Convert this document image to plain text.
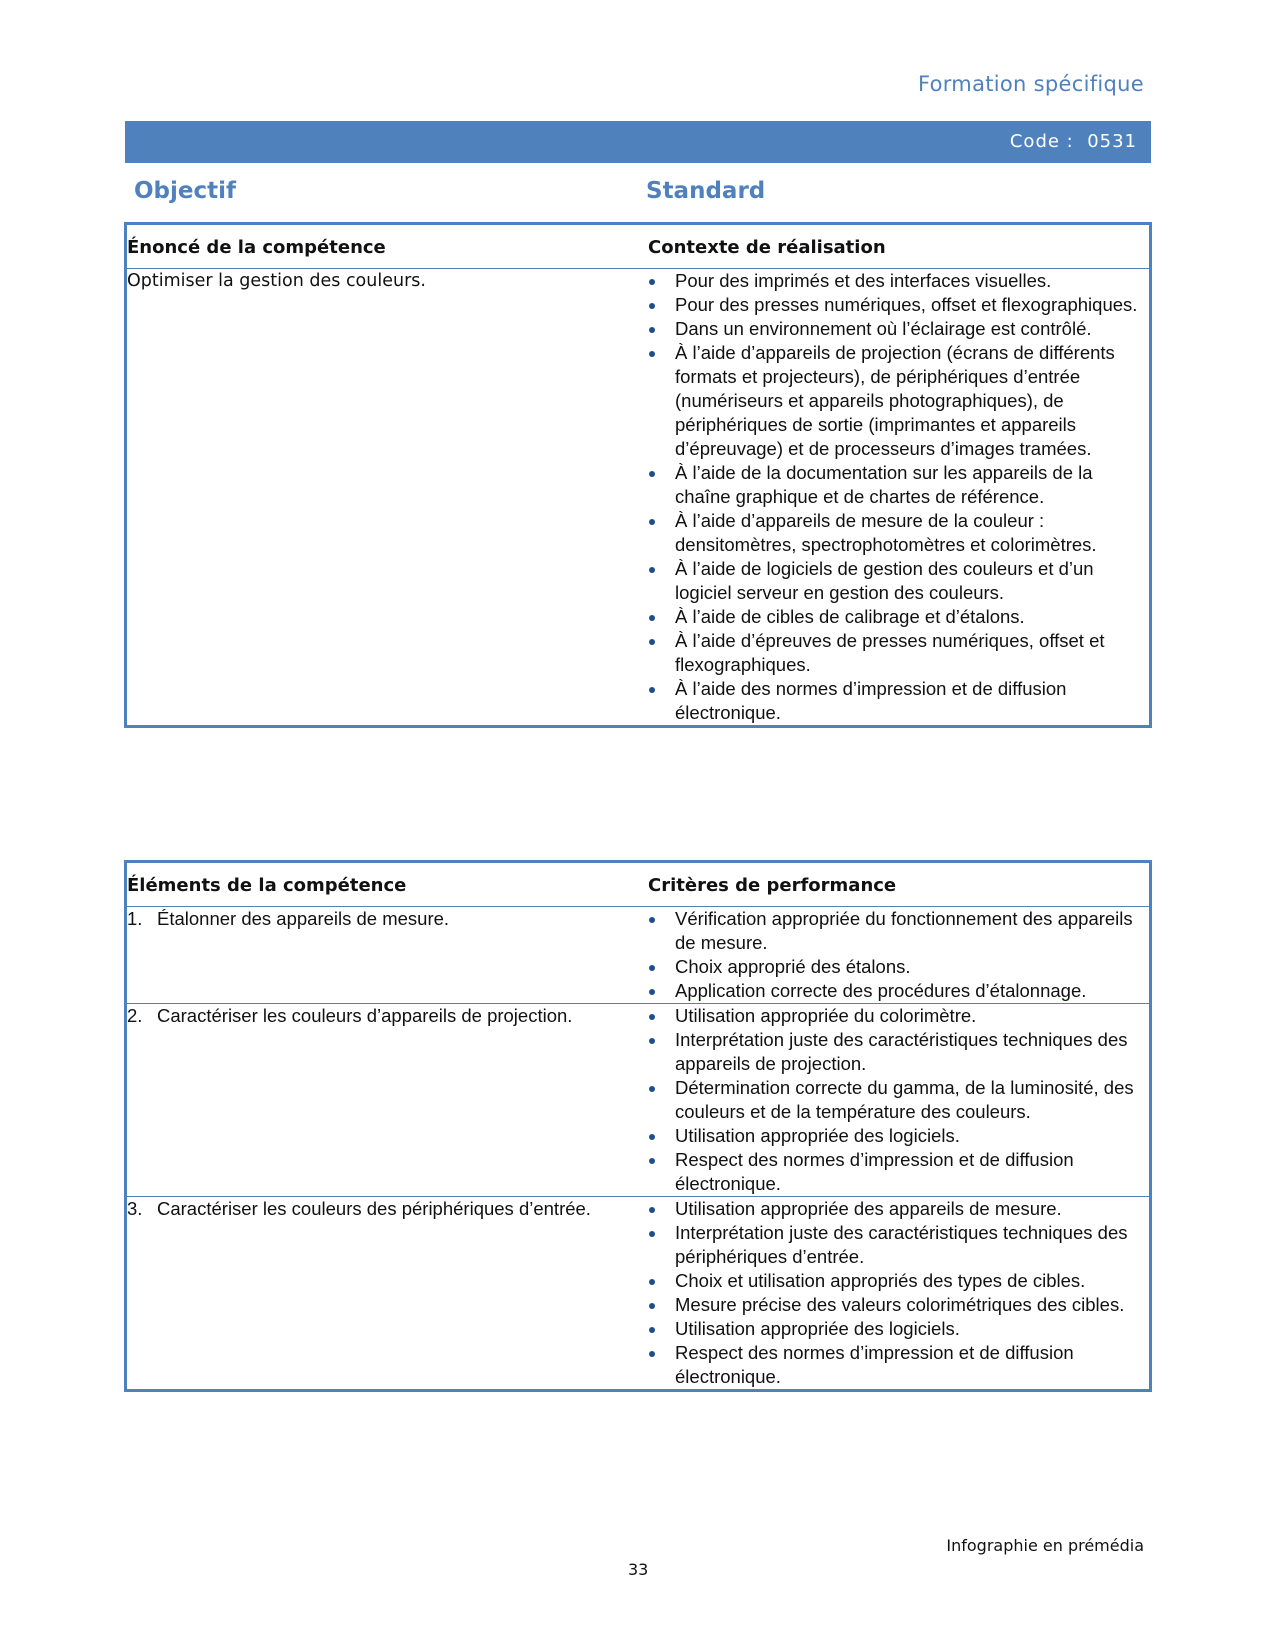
Formation spécifique
Code : 0531
Objectif	Standard
Énoncé de la compétence	Contexte de réalisation

Optimiser la gestion des couleurs.	Pour des imprimés et des interfaces visuelles.
Pour des presses numériques, offset et flexographiques.
Dans un environnement où l’éclairage est contrôlé.
À l’aide d’appareils de projection (écrans de différents formats et projecteurs), de périphériques d’entrée (numériseurs et appareils photographiques), de périphériques de sortie (imprimantes et appareils d’épreuvage) et de processeurs d’images tramées.
À l’aide de la documentation sur les appareils de la chaîne graphique et de chartes de référence.
À l’aide d’appareils de mesure de la couleur : densitomètres, spectrophotomètres et colorimètres.
À l’aide de logiciels de gestion des couleurs et d’un logiciel serveur en gestion des couleurs.
À l’aide de cibles de calibrage et d’étalons.
À l’aide d’épreuves de presses numériques, offset et flexographiques.
À l’aide des normes d’impression et de diffusion électronique.
Éléments de la compétence	Critères de performance

1. Étalonner des appareils de mesure.	Vérification appropriée du fonctionnement des appareils de mesure.
Choix approprié des étalons.
Application correcte des procédures d’étalonnage.

2. Caractériser les couleurs d’appareils de projection.	Utilisation appropriée du colorimètre.
Interprétation juste des caractéristiques techniques des appareils de projection.
Détermination correcte du gamma, de la luminosité, des couleurs et de la température des couleurs.
Utilisation appropriée des logiciels.
Respect des normes d’impression et de diffusion électronique.

3. Caractériser les couleurs des périphériques d’entrée.	Utilisation appropriée des appareils de mesure.
Interprétation juste des caractéristiques techniques des périphériques d’entrée.
Choix et utilisation appropriés des types de cibles.
Mesure précise des valeurs colorimétriques des cibles.
Utilisation appropriée des logiciels.
Respect des normes d’impression et de diffusion électronique.
Infographie en prémédia
33
